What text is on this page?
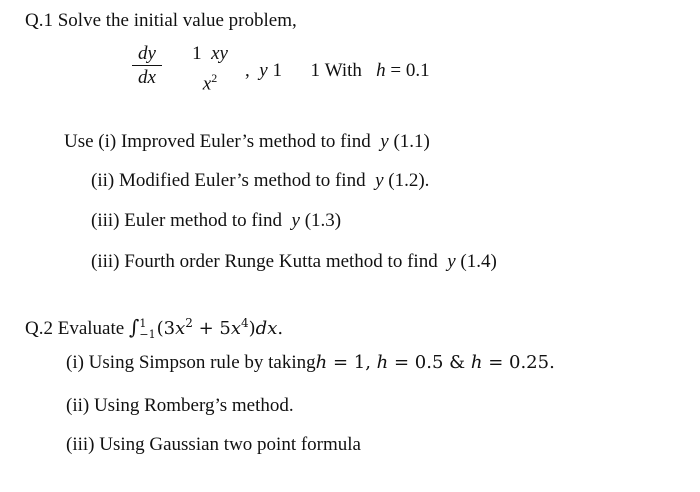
Q.1 Solve the initial value problem,
dy
dx
1 xy
$x^2$	, y 1 1 With h = 0.1
Use (i) Improved Euler’s method to find y (1.1)
(ii) Modified Euler’s method to find y (1.2).
(iii) Euler method to find y (1.3)
(iii) Fourth order Runge Kutta method to find y (1.4)
Q.2 Evaluate ∫ 1
−1 $(3x^2 + 5x^4)dx$.
(i) Using Simpson rule by takingh = 1, h = 0.5 & h = 0.25.
(ii) Using Romberg’s method.
(iii) Using Gaussian two point formula
